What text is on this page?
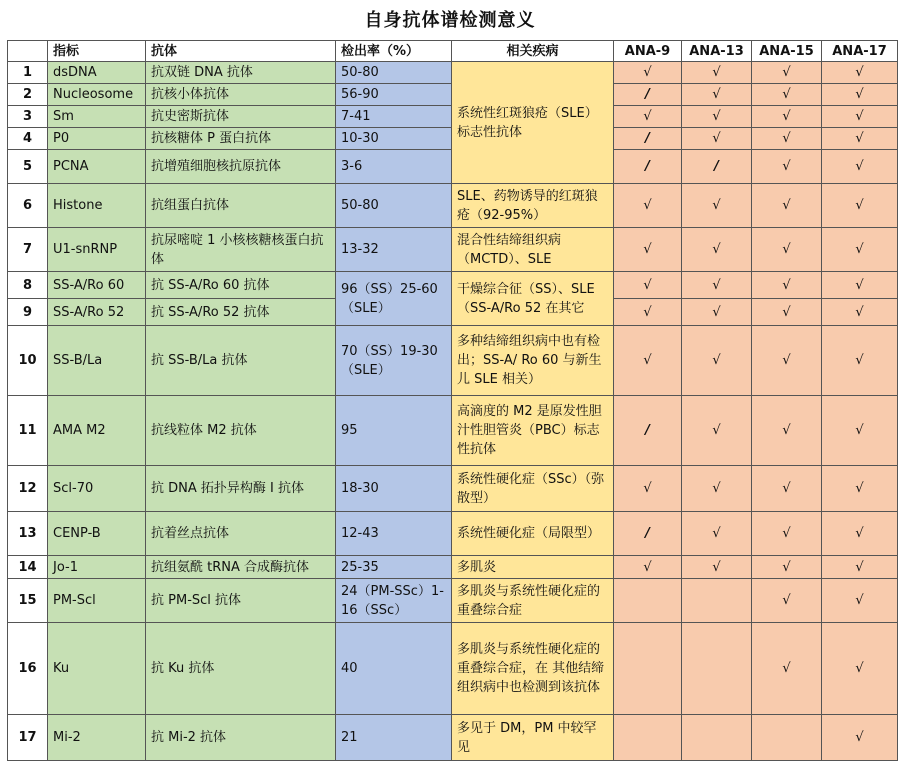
自身抗体谱检测意义
	指标	抗体	检出率（%）	相关疾病	ANA-9	ANA-13	ANA-15	ANA-17
1	dsDNA	抗双链 DNA 抗体	50-80	系统性红斑狼疮（SLE）标志性抗体	√	√	√	√
2	Nucleosome	抗核小体抗体	56-90		/	√	√	√
3	Sm	抗史密斯抗体	7-41		√	√	√	√
4	P0	抗核糖体 P 蛋白抗体	10-30		/	√	√	√
5	PCNA	抗增殖细胞核抗原抗体	3-6		/	/	√	√
6	Histone	抗组蛋白抗体	50-80	SLE、药物诱导的红斑狼疮（92-95%）	√	√	√	√
7	U1-snRNP	抗尿嘧啶 1 小核核糖核蛋白抗体	13-32	混合性结缔组织病（MCTD）、SLE	√	√	√	√
8	SS-A/Ro 60	抗 SS-A/Ro 60 抗体	96（SS）25-60（SLE）	干燥综合征（SS）、SLE（SS-A/Ro 52 在其它	√	√	√	√
9	SS-A/Ro 52	抗 SS-A/Ro 52 抗体			√	√	√	√
10	SS-B/La	抗 SS-B/La 抗体	70（SS）19-30（SLE）	多种结缔组织病中也有检出；SS-A/ Ro 60 与新生儿 SLE 相关）	√	√	√	√
11	AMA M2	抗线粒体 M2 抗体	95	高滴度的 M2 是原发性胆汁性胆管炎（PBC）标志性抗体	/	√	√	√
12	Scl-70	抗 DNA 拓扑异构酶 I 抗体	18-30	系统性硬化症（SSc）（弥散型）	√	√	√	√
13	CENP-B	抗着丝点抗体	12-43	系统性硬化症（局限型）	/	√	√	√
14	Jo-1	抗组氨酰 tRNA 合成酶抗体	25-35	多肌炎	√	√	√	√
15	PM-Scl	抗 PM-Scl 抗体	24（PM-SSc）1-16（SSc）	多肌炎与系统性硬化症的重叠综合症			√	√
16	Ku	抗 Ku 抗体	40	多肌炎与系统性硬化症的重叠综合症，在 其他结缔组织病中也检测到该抗体			√	√
17	Mi-2	抗 Mi-2 抗体	21	多见于 DM，PM 中较罕见				√
